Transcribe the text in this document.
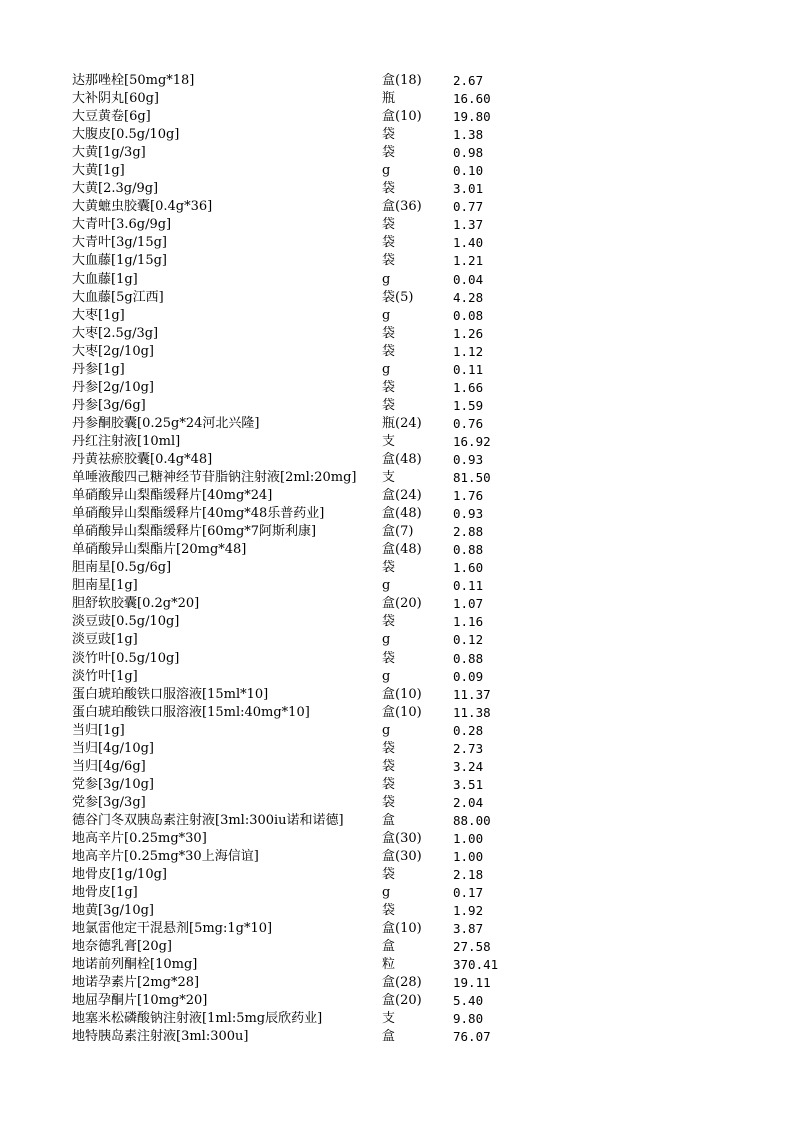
达那唑栓[50mg*18]	盒(18)	2.67
大补阴丸[60g]	瓶	16.60
大豆黄卷[6g]	盒(10)	19.80
大腹皮[0.5g/10g]	袋	1.38
大黄[1g/3g]	袋	0.98
大黄[1g]	g	0.10
大黄[2.3g/9g]	袋	3.01
大黄蟅虫胶囊[0.4g*36]	盒(36)	0.77
大青叶[3.6g/9g]	袋	1.37
大青叶[3g/15g]	袋	1.40
大血藤[1g/15g]	袋	1.21
大血藤[1g]	g	0.04
大血藤[5g江西]	袋(5)	4.28
大枣[1g]	g	0.08
大枣[2.5g/3g]	袋	1.26
大枣[2g/10g]	袋	1.12
丹参[1g]	g	0.11
丹参[2g/10g]	袋	1.66
丹参[3g/6g]	袋	1.59
丹参酮胶囊[0.25g*24河北兴隆]	瓶(24)	0.76
丹红注射液[10ml]	支	16.92
丹黄祛瘀胶囊[0.4g*48]	盒(48)	0.93
单唾液酸四己糖神经节苷脂钠注射液[2ml:20mg]	支	81.50
单硝酸异山梨酯缓释片[40mg*24]	盒(24)	1.76
单硝酸异山梨酯缓释片[40mg*48乐普药业]	盒(48)	0.93
单硝酸异山梨酯缓释片[60mg*7阿斯利康]	盒(7)	2.88
单硝酸异山梨酯片[20mg*48]	盒(48)	0.88
胆南星[0.5g/6g]	袋	1.60
胆南星[1g]	g	0.11
胆舒软胶囊[0.2g*20]	盒(20)	1.07
淡豆豉[0.5g/10g]	袋	1.16
淡豆豉[1g]	g	0.12
淡竹叶[0.5g/10g]	袋	0.88
淡竹叶[1g]	g	0.09
蛋白琥珀酸铁口服溶液[15ml*10]	盒(10)	11.37
蛋白琥珀酸铁口服溶液[15ml:40mg*10]	盒(10)	11.38
当归[1g]	g	0.28
当归[4g/10g]	袋	2.73
当归[4g/6g]	袋	3.24
党参[3g/10g]	袋	3.51
党参[3g/3g]	袋	2.04
德谷门冬双胰岛素注射液[3ml:300iu诺和诺德]	盒	88.00
地高辛片[0.25mg*30]	盒(30)	1.00
地高辛片[0.25mg*30上海信谊]	盒(30)	1.00
地骨皮[1g/10g]	袋	2.18
地骨皮[1g]	g	0.17
地黄[3g/10g]	袋	1.92
地氯雷他定干混悬剂[5mg:1g*10]	盒(10)	3.87
地奈德乳膏[20g]	盒	27.58
地诺前列酮栓[10mg]	粒	370.41
地诺孕素片[2mg*28]	盒(28)	19.11
地屈孕酮片[10mg*20]	盒(20)	5.40
地塞米松磷酸钠注射液[1ml:5mg辰欣药业]	支	9.80
地特胰岛素注射液[3ml:300u]	盒	76.07
